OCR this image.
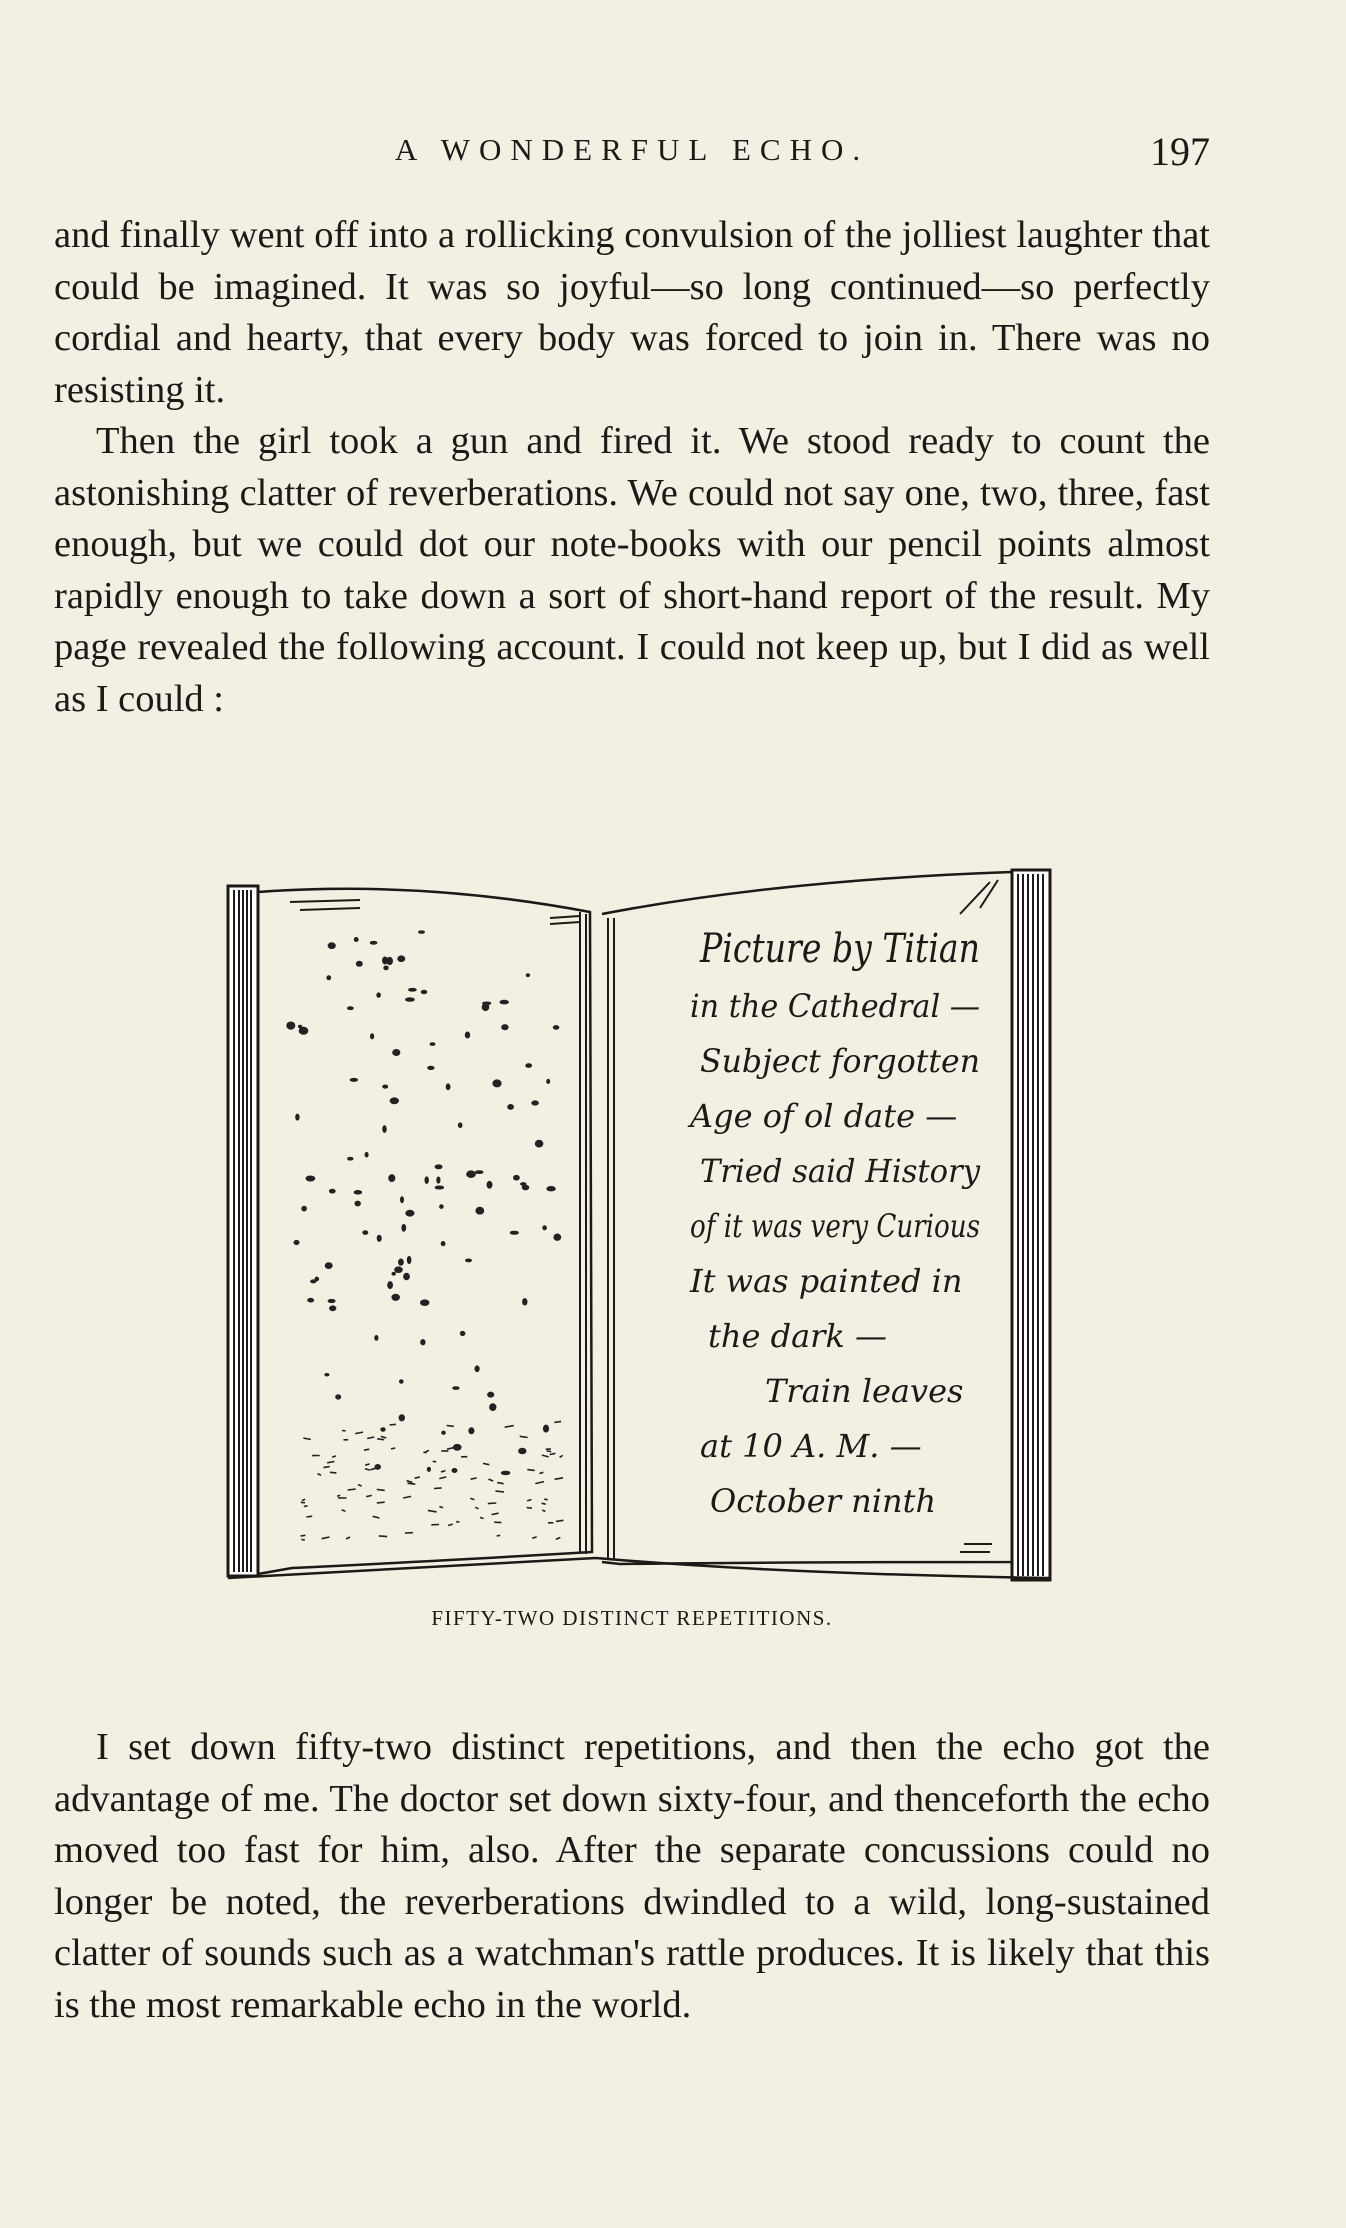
A WONDERFUL ECHO.	197

and finally went off into a rollicking convulsion of the jolliest laughter that could be imagined. It was so joyful—so long continued—so perfectly cordial and hearty, that every body was forced to join in. There was no resisting it.

Then the girl took a gun and fired it. We stood ready to count the astonishing clatter of reverberations. We could not say one, two, three, fast enough, but we could dot our note-books with our pencil points almost rapidly enough to take down a sort of short-hand report of the result. My page revealed the following account. I could not keep up, but I did as well as I could :

Picture by Titian
in the Cathedral —
Subject forgotten
Age of ol date —
Tried said History
of it was very Curious
It was painted in
the dark —
Train leaves
at 10 A. M. —
October ninth
FIFTY-TWO DISTINCT REPETITIONS.

I set down fifty-two distinct repetitions, and then the echo got the advantage of me. The doctor set down sixty-four, and thenceforth the echo moved too fast for him, also. After the separate concussions could no longer be noted, the reverberations dwindled to a wild, long-sustained clatter of sounds such as a watchman's rattle produces. It is likely that this is the most remarkable echo in the world.
